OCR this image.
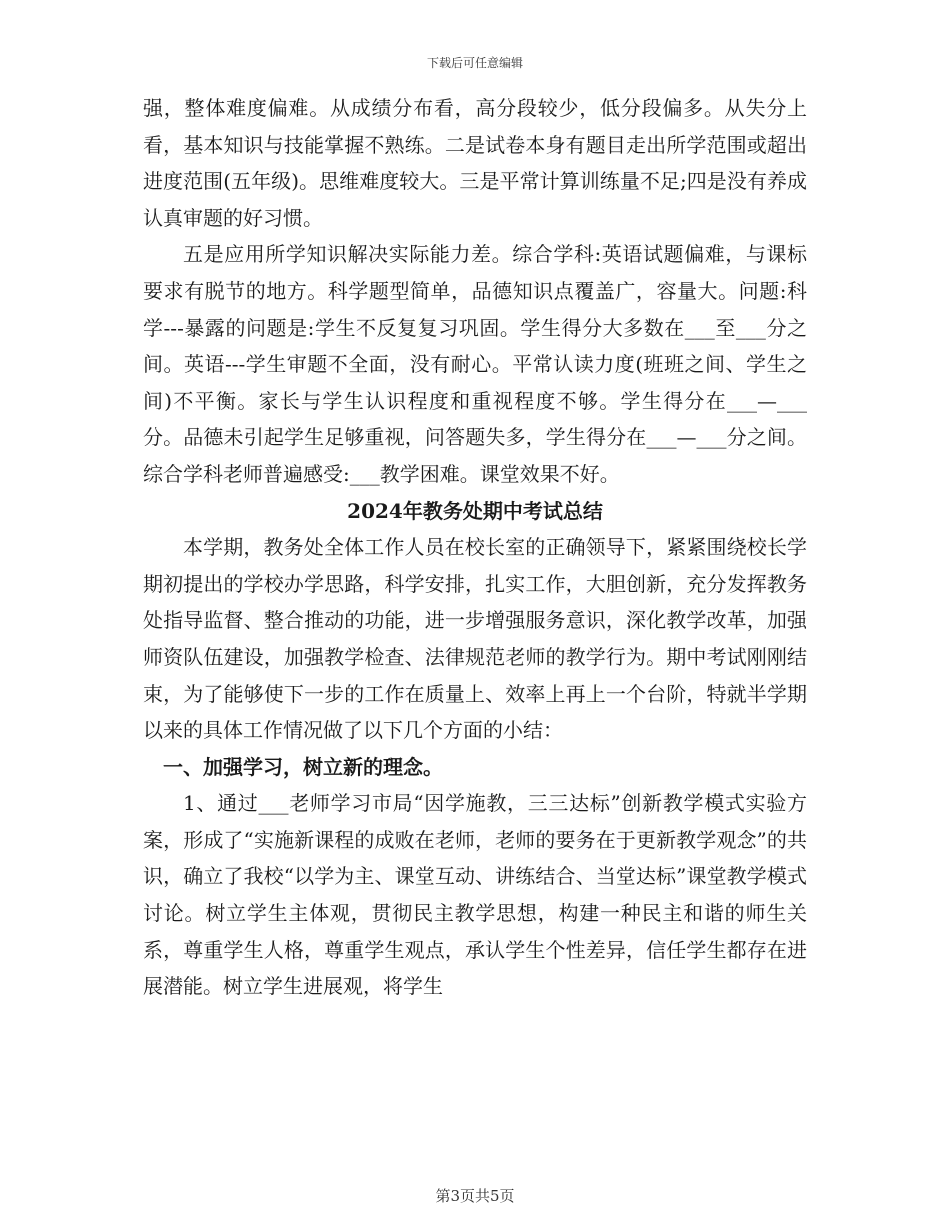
下载后可任意编辑

强，整体难度偏难。从成绩分布看，高分段较少，低分段偏多。从失分上看，基本知识与技能掌握不熟练。二是试卷本身有题目走出所学范围或超出进度范围(五年级)。思维难度较大。三是平常计算训练量不足;四是没有养成认真审题的好习惯。

五是应用所学知识解决实际能力差。综合学科:英语试题偏难，与课标要求有脱节的地方。科学题型简单，品德知识点覆盖广，容量大。问题:科学---暴露的问题是:学生不反复复习巩固。学生得分大多数在___至___分之间。英语---学生审题不全面，没有耐心。平常认读力度(班班之间、学生之间)不平衡。家长与学生认识程度和重视程度不够。学生得分在___—___分。品德未引起学生足够重视，问答题失多，学生得分在___—___分之间。综合学科老师普遍感受:___教学困难。课堂效果不好。

2024年教务处期中考试总结

本学期，教务处全体工作人员在校长室的正确领导下，紧紧围绕校长学期初提出的学校办学思路，科学安排，扎实工作，大胆创新，充分发挥教务处指导监督、整合推动的功能，进一步增强服务意识，深化教学改革，加强师资队伍建设，加强教学检查、法律规范老师的教学行为。期中考试刚刚结束，为了能够使下一步的工作在质量上、效率上再上一个台阶，特就半学期以来的具体工作情况做了以下几个方面的小结：

一、加强学习，树立新的理念。

1、通过___老师学习市局“因学施教，三三达标”创新教学模式实验方案，形成了“实施新课程的成败在老师，老师的要务在于更新教学观念”的共识，确立了我校“以学为主、课堂互动、讲练结合、当堂达标”课堂教学模式讨论。树立学生主体观，贯彻民主教学思想，构建一种民主和谐的师生关系，尊重学生人格，尊重学生观点，承认学生个性差异，信任学生都存在进展潜能。树立学生进展观，将学生

第3页共5页
